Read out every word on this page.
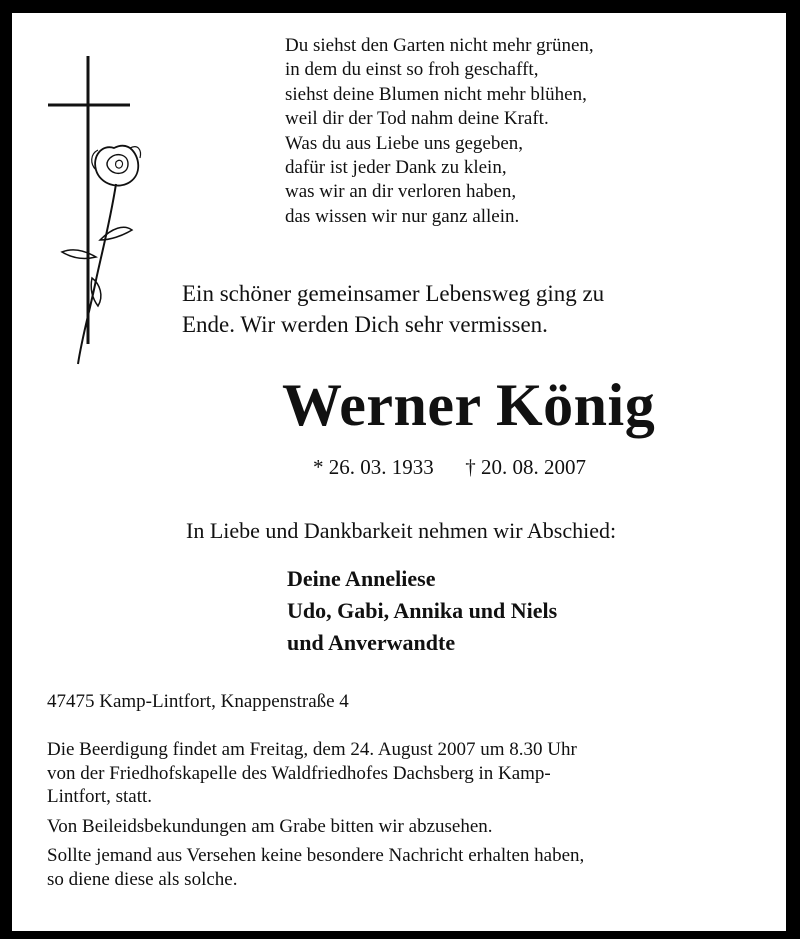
Du siehst den Garten nicht mehr grünen,
in dem du einst so froh geschafft,
siehst deine Blumen nicht mehr blühen,
weil dir der Tod nahm deine Kraft.
Was du aus Liebe uns gegeben,
dafür ist jeder Dank zu klein,
was wir an dir verloren haben,
das wissen wir nur ganz allein.
Ein schöner gemeinsamer Lebensweg ging zu
Ende. Wir werden Dich sehr vermissen.
Werner König
* 26. 03. 1933 † 20. 08. 2007
In Liebe und Dankbarkeit nehmen wir Abschied:
Deine Anneliese
Udo, Gabi, Annika und Niels
und Anverwandte
47475 Kamp-Lintfort, Knappenstraße 4
Die Beerdigung findet am Freitag, dem 24. August 2007 um 8.30 Uhr
von der Friedhofskapelle des Waldfriedhofes Dachsberg in Kamp-
Lintfort, statt.
Von Beileidsbekundungen am Grabe bitten wir abzusehen.
Sollte jemand aus Versehen keine besondere Nachricht erhalten haben,
so diene diese als solche.
